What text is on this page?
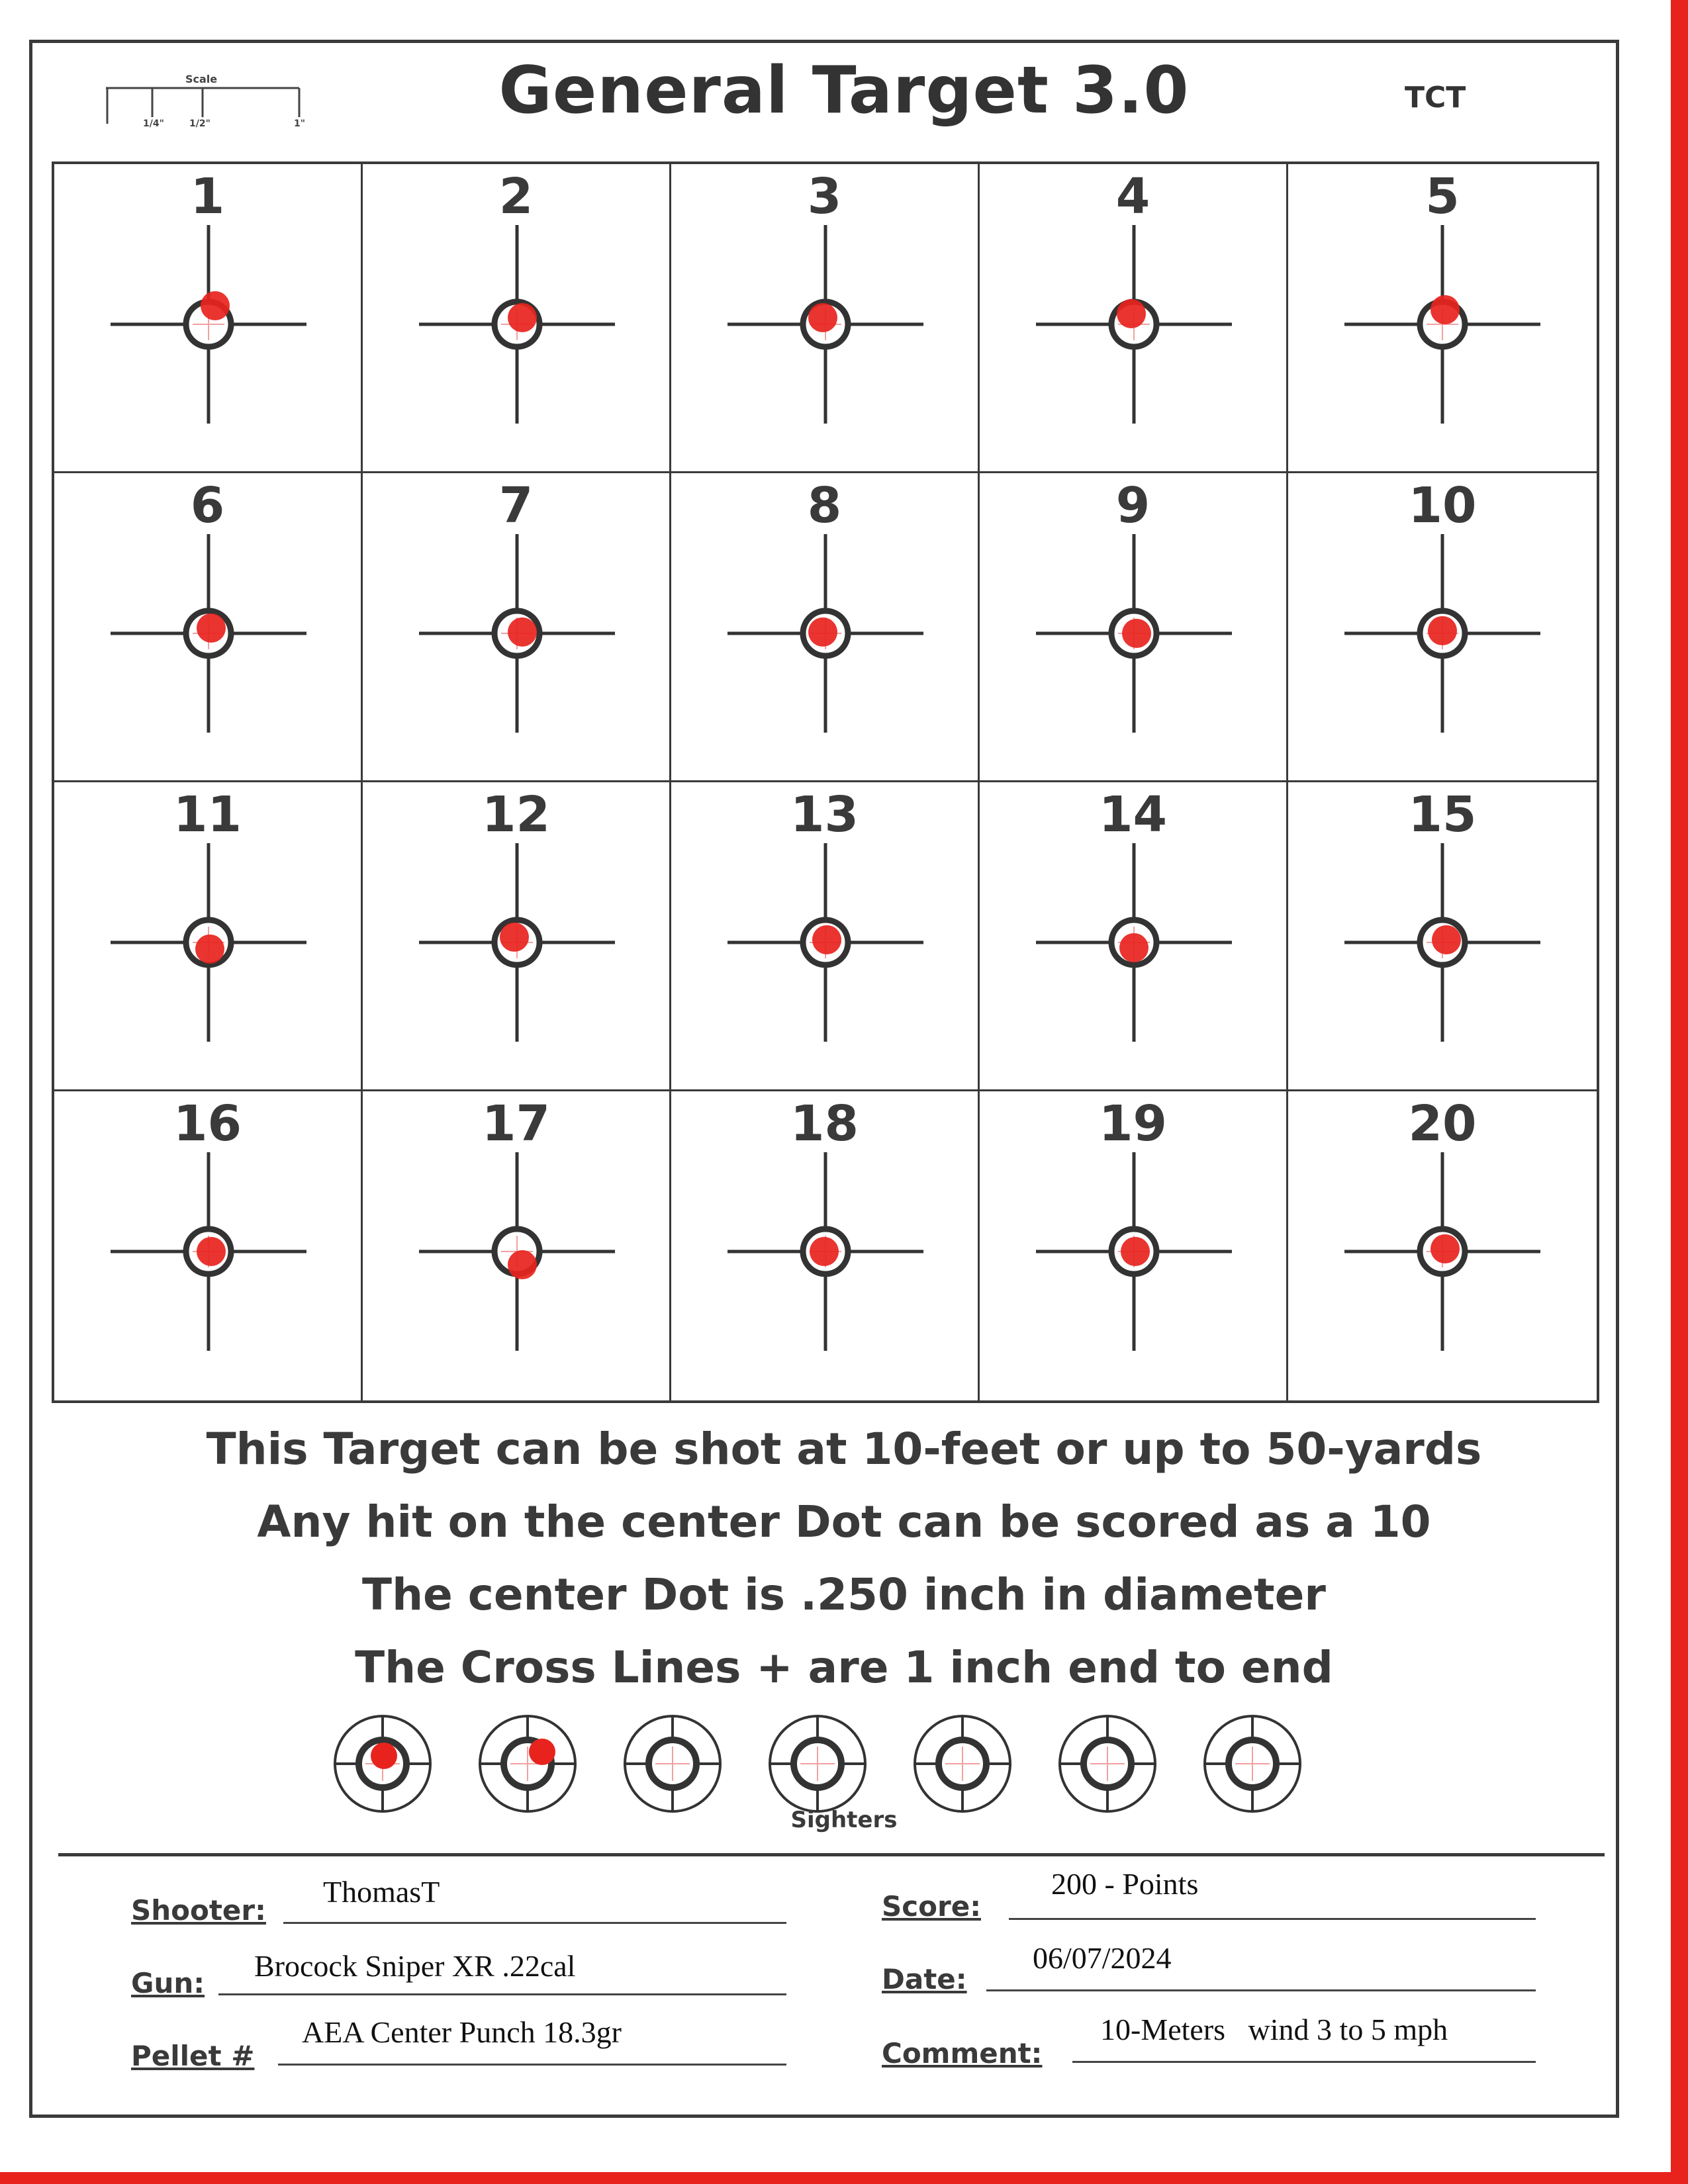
Scale
1/4"	1/2"	1"	General Target 3.0	TCT
1	2	3	4	5
6	7	8	9	10
11	12	13	14	15
16	17	18	19	20
This Target can be shot at 10-feet or up to 50-yards
Any hit on the center Dot can be scored as a 10
The center Dot is .250 inch in diameter
The Cross Lines + are 1 inch end to end
Sighters
Shooter:
ThomasT
Gun:
Brocock Sniper XR .22cal
Pellet #
AEA Center Punch 18.3gr
Score:
200 - Points
Date:
06/07/2024
Comment:
10-Meters   wind 3 to 5 mph
